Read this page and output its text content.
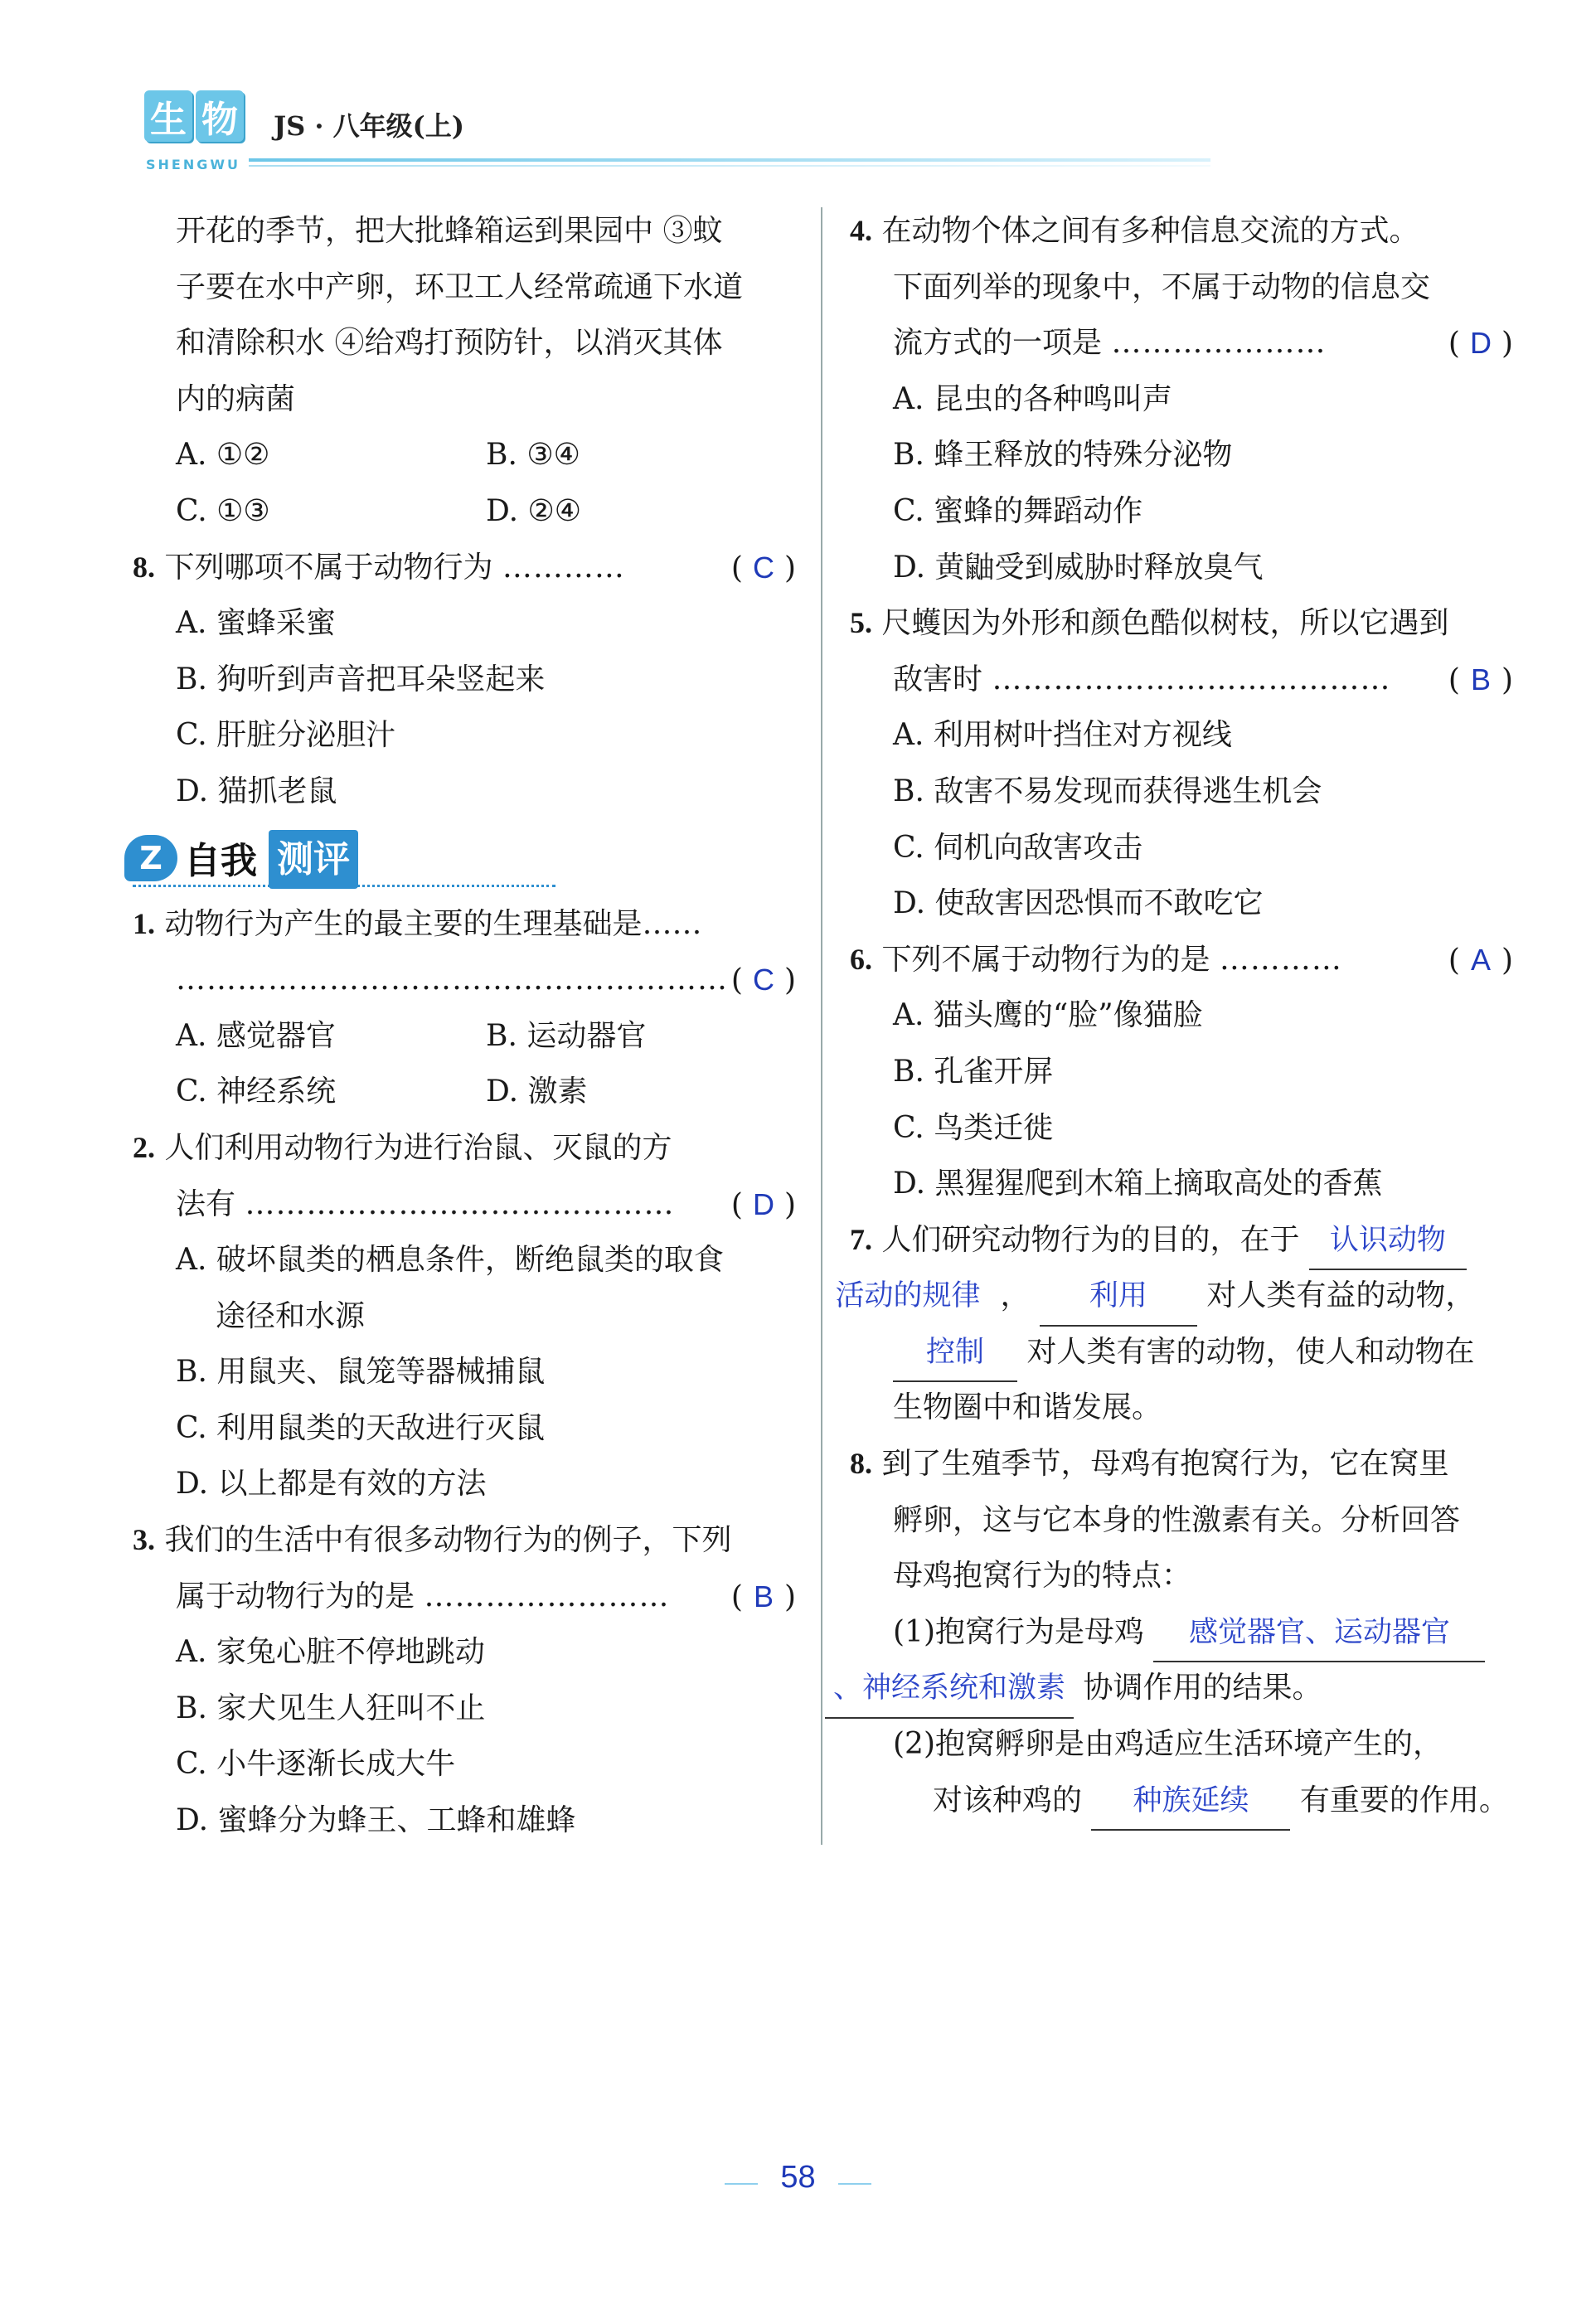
生 物
SHENGWU
JS · 八年级(上)
开花的季节，把大批蜂箱运到果园中 ③蚊
子要在水中产卵，环卫工人经常疏通下水道
和清除积水 ④给鸡打预防针，以消灭其体
内的病菌
A. ①②	B. ③④
C. ①③	D. ②④
8. 下列哪项不属于动物行为 …………	( C )
A. 蜜蜂采蜜
B. 狗听到声音把耳朵竖起来
C. 肝脏分泌胆汁
D. 猫抓老鼠
Z 自我 测评
1. 动物行为产生的最主要的生理基础是……
……………………………………………… ( C )
A. 感觉器官	B. 运动器官
C. 神经系统	D. 激素
2. 人们利用动物行为进行治鼠、灭鼠的方
法有 …………………………………… ( D )
A. 破坏鼠类的栖息条件，断绝鼠类的取食
途径和水源
B. 用鼠夹、鼠笼等器械捕鼠
C. 利用鼠类的天敌进行灭鼠
D. 以上都是有效的方法
3. 我们的生活中有很多动物行为的例子，下列
属于动物行为的是 …………………… ( B )
A. 家兔心脏不停地跳动
B. 家犬见生人狂叫不止
C. 小牛逐渐长成大牛
D. 蜜蜂分为蜂王、工蜂和雄蜂
4. 在动物个体之间有多种信息交流的方式。
下面列举的现象中，不属于动物的信息交
流方式的一项是 …………………	( D )
A. 昆虫的各种鸣叫声
B. 蜂王释放的特殊分泌物
C. 蜜蜂的舞蹈动作
D. 黄鼬受到威胁时释放臭气
5. 尺蠖因为外形和颜色酷似树枝，所以它遇到
敌害时 ………………………………… ( B )
A. 利用树叶挡住对方视线
B. 敌害不易发现而获得逃生机会
C. 伺机向敌害攻击
D. 使敌害因恐惧而不敢吃它
6. 下列不属于动物行为的是 …………	( A )
A. 猫头鹰的“脸”像猫脸
B. 孔雀开屏
C. 鸟类迁徙
D. 黑猩猩爬到木箱上摘取高处的香蕉
7. 人们研究动物行为的目的，在于 认识动物
活动的规律 ， 利用 对人类有益的动物，
控制 对人类有害的动物，使人和动物在
生物圈中和谐发展。
8. 到了生殖季节，母鸡有抱窝行为，它在窝里
孵卵，这与它本身的性激素有关。分析回答
母鸡抱窝行为的特点：
(1)抱窝行为是母鸡 感觉器官、运动器官
、神经系统和激素 协调作用的结果。
(2)抱窝孵卵是由鸡适应生活环境产生的，
对该种鸡的 种族延续 有重要的作用。
58
